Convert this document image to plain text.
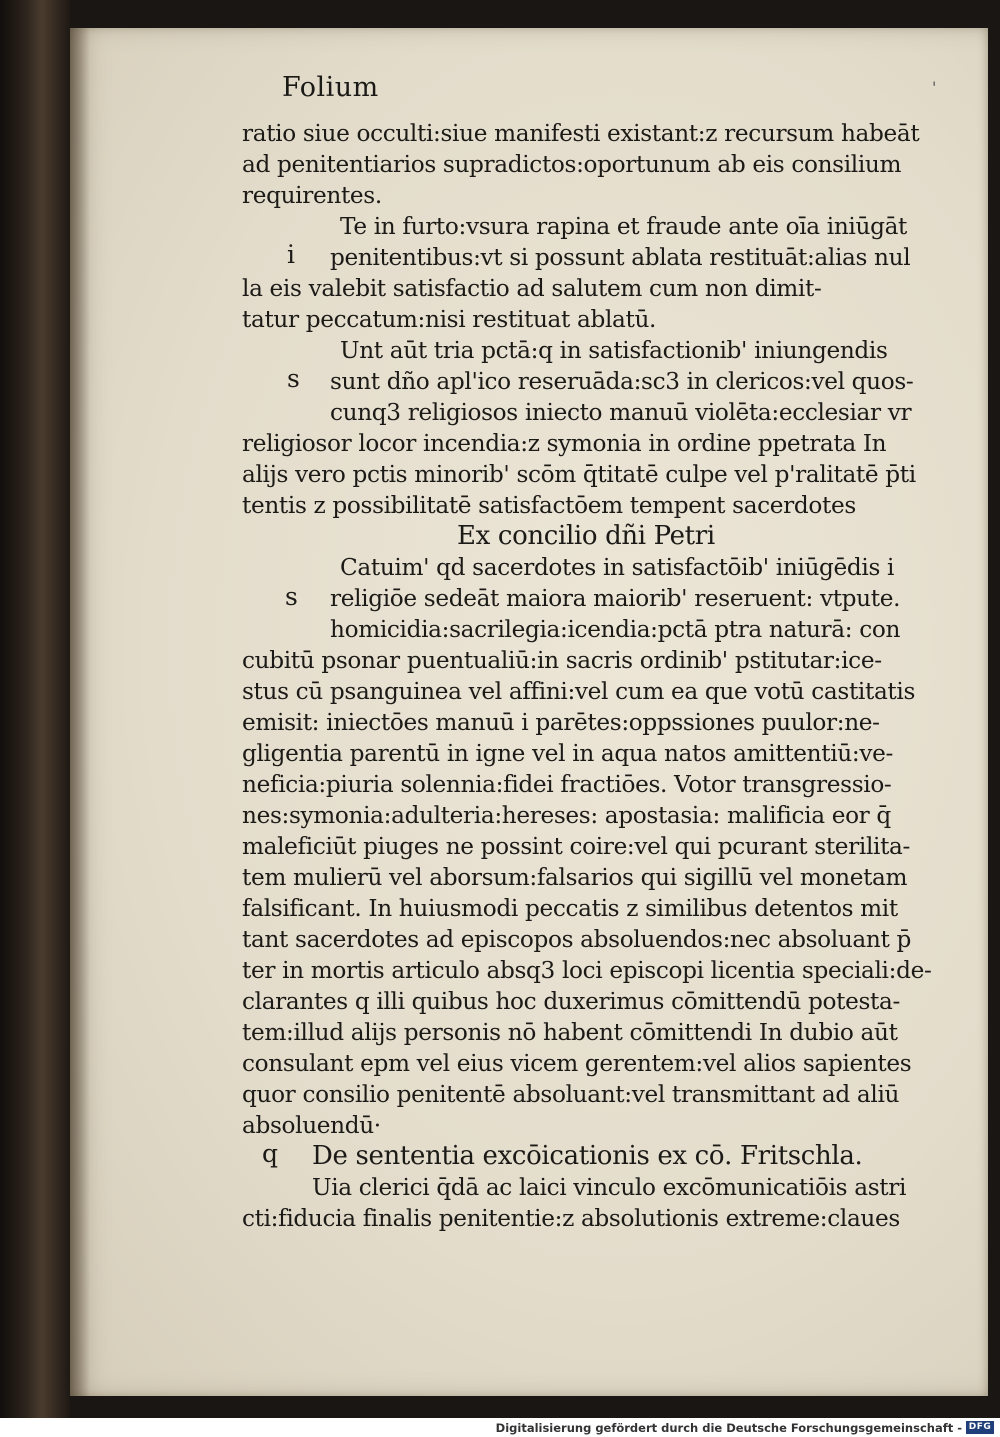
Folium	'
ratio siue occulti:siue manifesti existant:z recursum habeāt
ad penitentiarios supradictos:oportunum ab eis consilium
requirentes.
Te in furto:vsura rapina et fraude ante oīa iniūgāt
penitentibus:vt si possunt ablata restituāt:alias nul
la eis valebit satisfactio ad salutem cum non dimit-
tatur peccatum:nisi restituat ablatū.
Unt aūt tria pctā:q in satisfactionib' iniungendis
sunt dño apl'ico reseruāda:sc3 in clericos:vel quos-
cunq3 religiosos iniecto manuū violēta:ecclesiar vr
religiosor locor incendia:z symonia in ordine ppetrata In
alijs vero pctis minorib' scōm q̄titatē culpe vel p'ralitatē p̄ti
tentis z possibilitatē satisfactōem tempent sacerdotes
Ex concilio dñi Petri
Catuim' qd sacerdotes in satisfactōib' iniūgēdis i
religiōe sedeāt maiora maiorib' reseruent: vtpute.
homicidia:sacrilegia:icendia:pctā ptra naturā: con
cubitū psonar puentualiū:in sacris ordinib' pstitutar:ice-
stus cū psanguinea vel affini:vel cum ea que votū castitatis
emisit: iniectōes manuū i parētes:oppssiones puulor:ne-
gligentia parentū in igne vel in aqua natos amittentiū:ve-
neficia:piuria solennia:fidei fractiōes. Votor transgressio-
nes:symonia:adulteria:hereses: apostasia: malificia eor q̄
maleficiūt piuges ne possint coire:vel qui pcurant sterilita-
tem mulierū vel aborsum:falsarios qui sigillū vel monetam
falsificant. In huiusmodi peccatis z similibus detentos mit
tant sacerdotes ad episcopos absoluendos:nec absoluant p̄
ter in mortis articulo absq3 loci episcopi licentia speciali:de-
clarantes q illi quibus hoc duxerimus cōmittendū potesta-
tem:illud alijs personis nō habent cōmittendi In dubio aūt
consulant epm vel eius vicem gerentem:vel alios sapientes
quor consilio penitentē absoluant:vel transmittant ad aliū
absoluendū·
De sententia excōicationis ex cō. Fritschla.
Uia clerici q̄dā ac laici vinculo excōmunicatiōis astri
cti:fiducia finalis penitentie:z absolutionis extreme:claues
i
s
s
q
Digitalisierung gefördert durch die Deutsche Forschungsgemeinschaft - DFG
